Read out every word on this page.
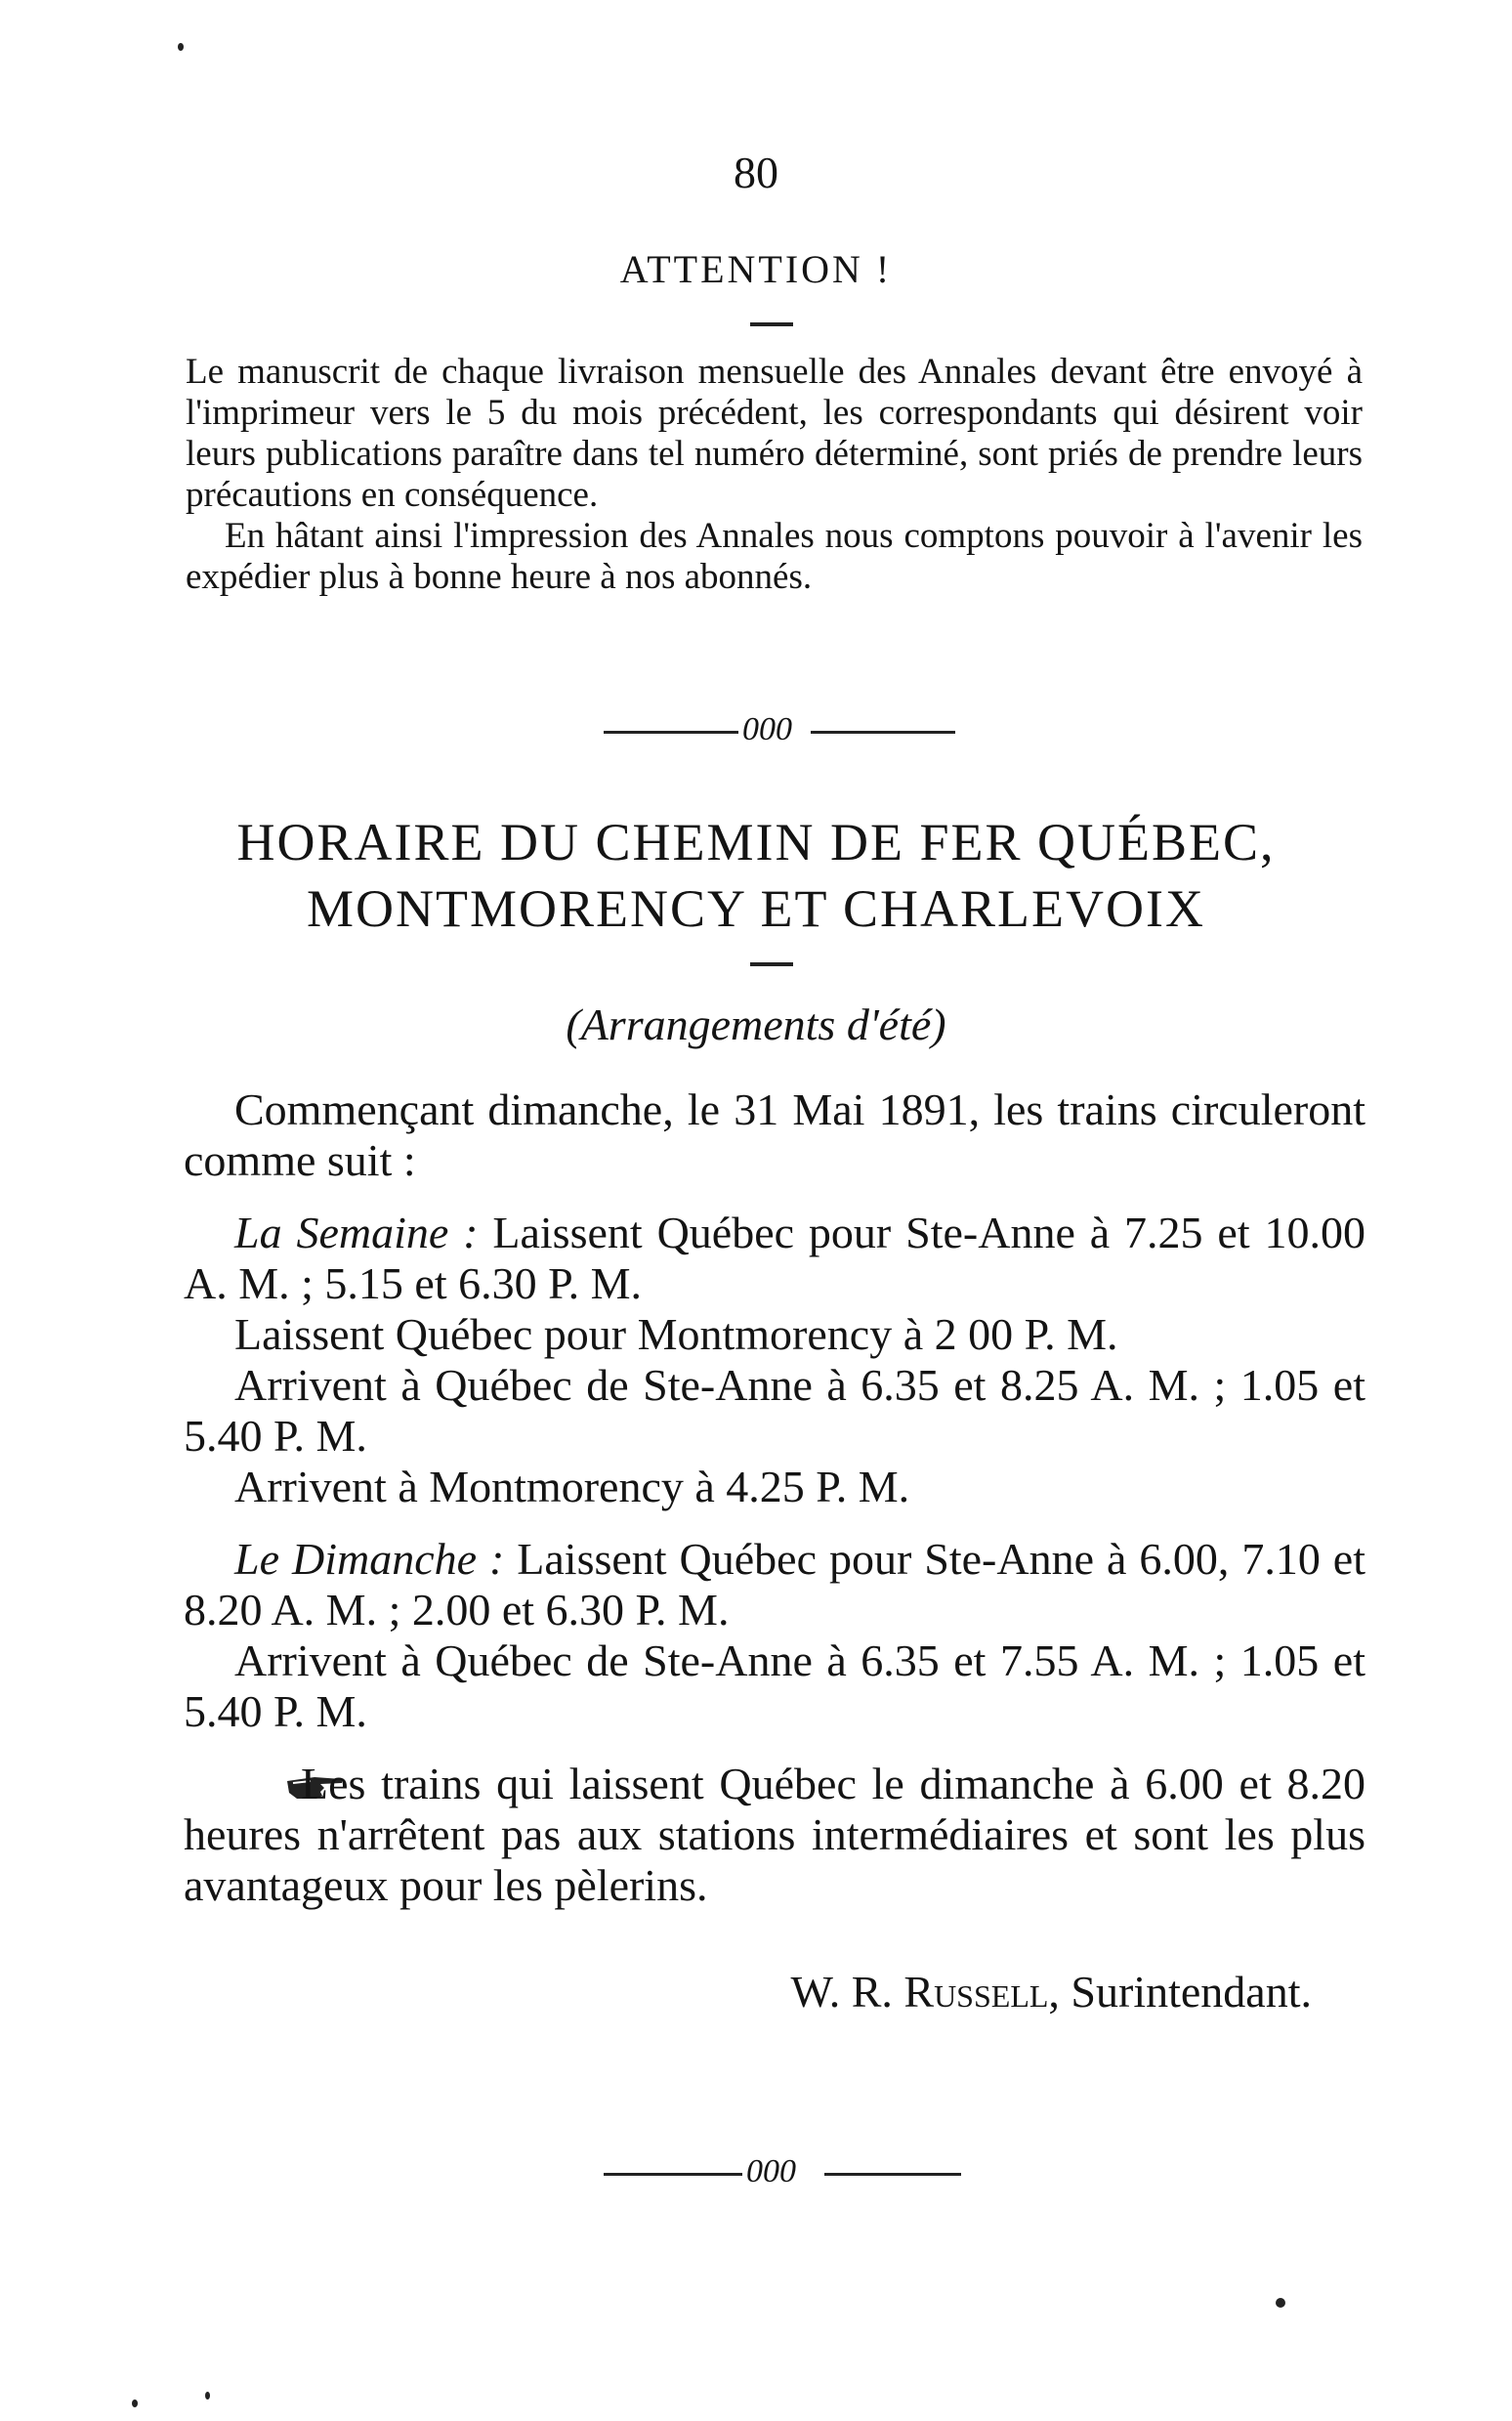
80
ATTENTION !

Le manuscrit de chaque livraison mensuelle des Annales devant être envoyé à l'imprimeur vers le 5 du mois précédent, les correspondants qui désirent voir leurs publications paraître dans tel numéro déterminé, sont priés de prendre leurs précautions en conséquence.

En hâtant ainsi l'impression des Annales nous comptons pouvoir à l'avenir les expédier plus à bonne heure à nos abonnés.

000
HORAIRE DU CHEMIN DE FER QUÉBEC,
MONTMORENCY ET CHARLEVOIX
(Arrangements d'été)

Commençant dimanche, le 31 Mai 1891, les trains circuleront comme suit :

La Semaine : Laissent Québec pour Ste-Anne à 7.25 et 10.00 A. M. ; 5.15 et 6.30 P. M.

Laissent Québec pour Montmorency à 2 00 P. M.

Arrivent à Québec de Ste-Anne à 6.35 et 8.25 A. M. ; 1.05 et 5.40 P. M.

Arrivent à Montmorency à 4.25 P. M.

Le Dimanche : Laissent Québec pour Ste-Anne à 6.00, 7.10 et 8.20 A. M. ; 2.00 et 6.30 P. M.

Arrivent à Québec de Ste-Anne à 6.35 et 7.55 A. M. ; 1.05 et 5.40 P. M.

Les trains qui laissent Québec le dimanche à 6.00 et 8.20 heures n'arrêtent pas aux stations intermédiaires et sont les plus avantageux pour les pèlerins.

W. R. Russell, Surintendant.
000
